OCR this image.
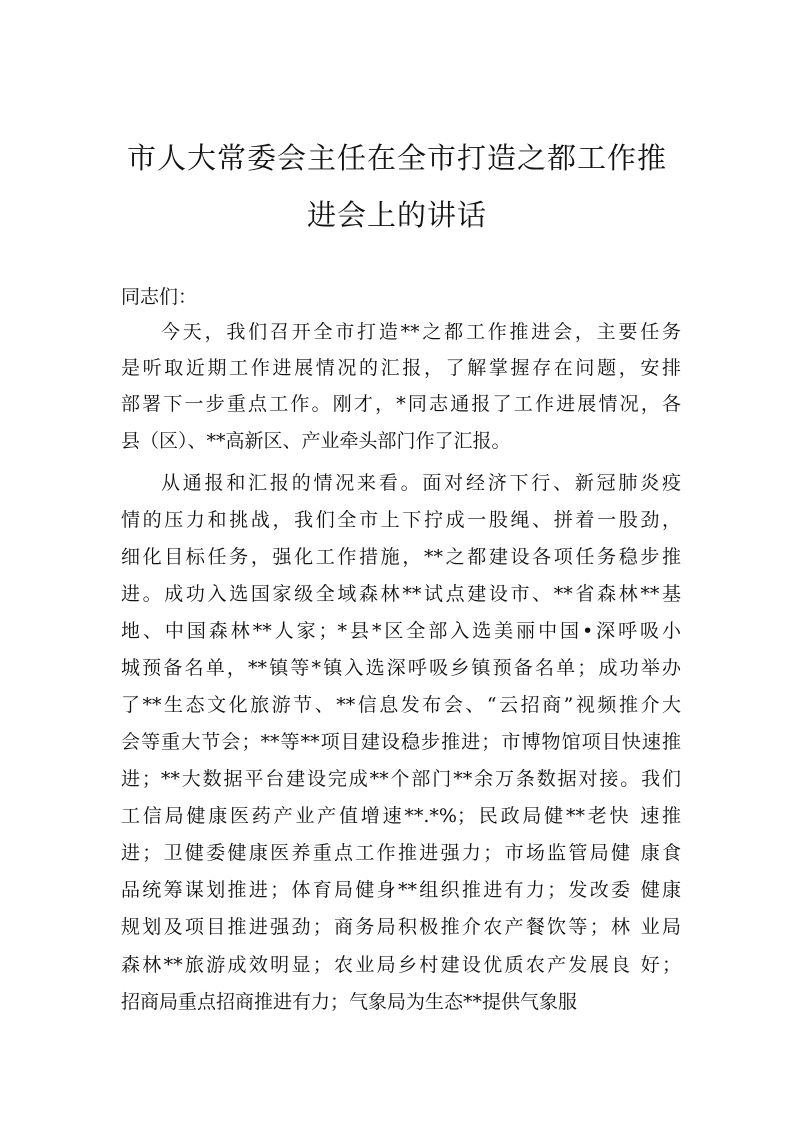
市人大常委会主任在全市打造之都工作推
进会上的讲话
同志们：
今天，我们召开全市打造**之都工作推进会，主要任务
是听取近期工作进展情况的汇报，了解掌握存在问题，安排
部署下一步重点工作。刚才，*同志通报了工作进展情况，各
县（区）、**高新区、产业牵头部门作了汇报。
从通报和汇报的情况来看。面对经济下行、新冠肺炎疫
情的压力和挑战，我们全市上下拧成一股绳、拼着一股劲，
细化目标任务，强化工作措施，**之都建设各项任务稳步推
进。成功入选国家级全域森林**试点建设市、**省森林**基
地、中国森林**人家；*县*区全部入选美丽中国•深呼吸小
城预备名单，**镇等*镇入选深呼吸乡镇预备名单；成功举办
了**生态文化旅游节、**信息发布会、“云招商”视频推介大
会等重大节会；**等**项目建设稳步推进；市博物馆项目快速推
进；**大数据平台建设完成**个部门**余万条数据对接。我们
工信局健康医药产业产值增速**.*%；民政局健**老快 速推
进；卫健委健康医养重点工作推进强力；市场监管局健 康食
品统筹谋划推进；体育局健身**组织推进有力；发改委 健康
规划及项目推进强劲；商务局积极推介农产餐饮等；林 业局
森林**旅游成效明显；农业局乡村建设优质农产发展良 好；
招商局重点招商推进有力；气象局为生态**提供气象服
